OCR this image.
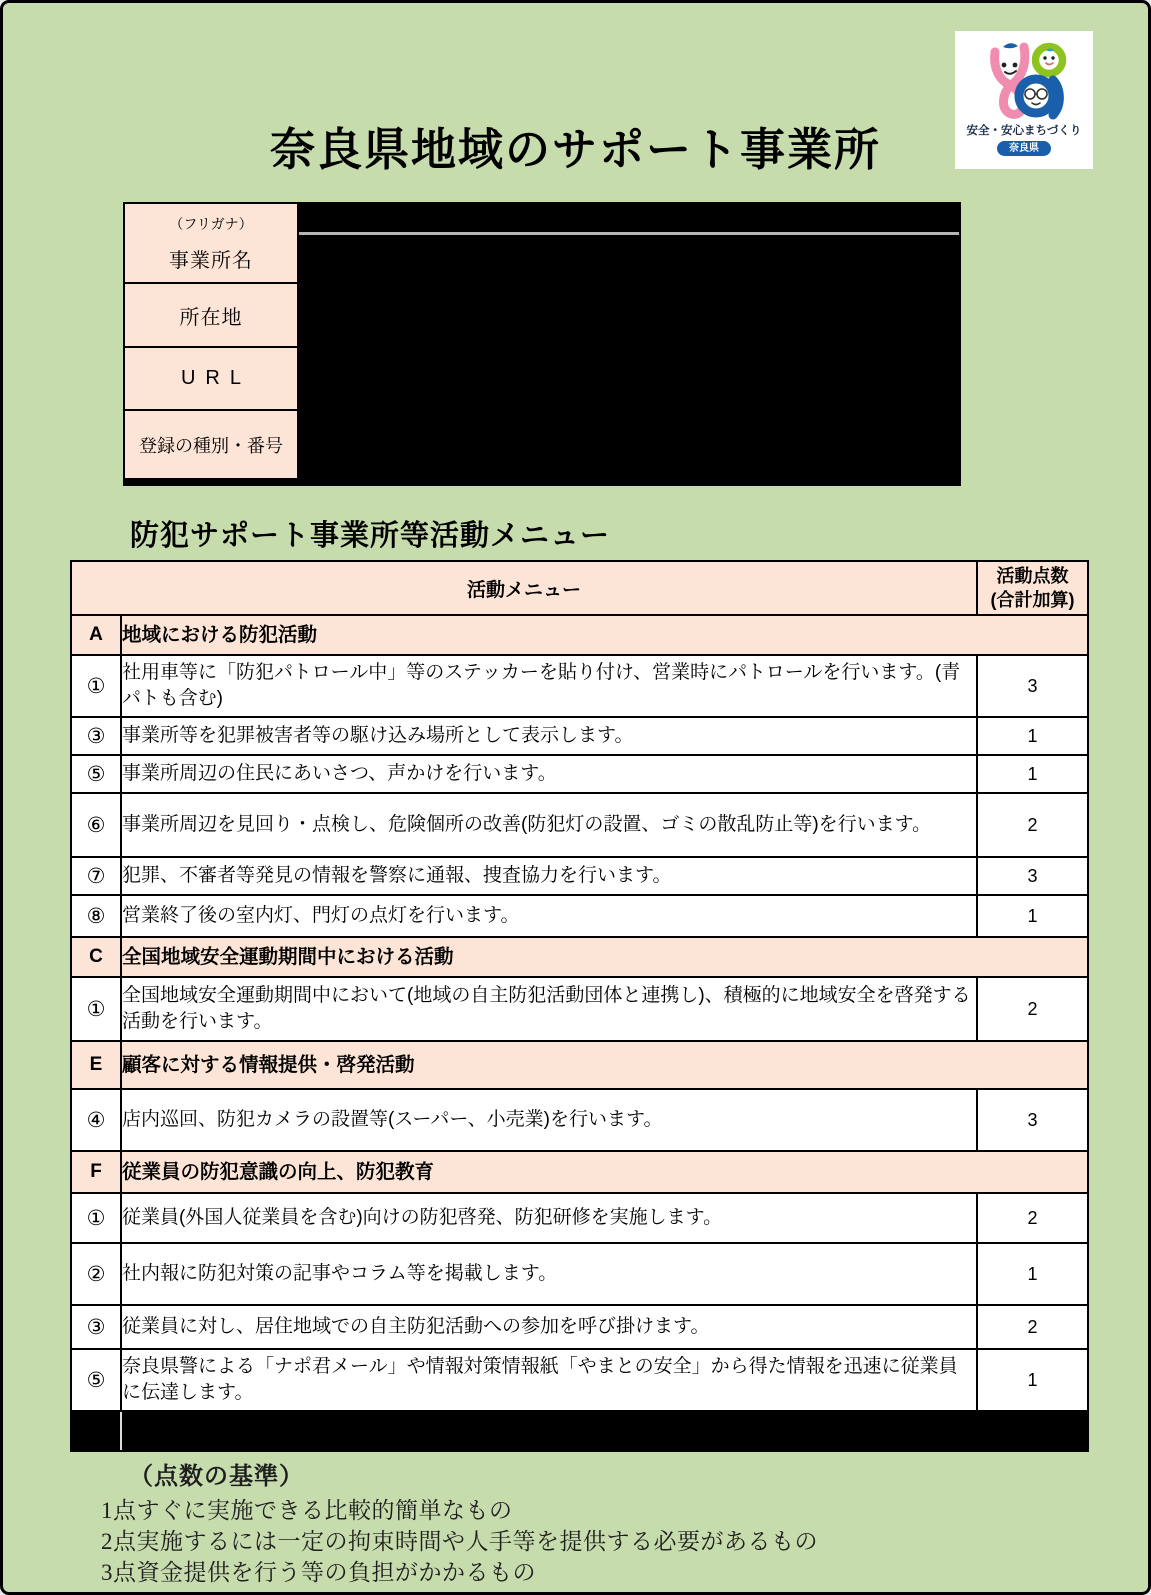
安全・安心まちづくり
奈良県
奈良県地域のサポート事業所
（フリガナ）
事業所名
所在地
URL
登録の種別・番号
防犯サポート事業所等活動メニュー
活動メニュー		活動点数
(合計加算)

A	地域における防犯活動	
①	社用車等に「防犯パトロール中」等のステッカーを貼り付け、営業時にパトロールを行います。(青パトも含む)	3
③	事業所等を犯罪被害者等の駆け込み場所として表示します。	1
⑤	事業所周辺の住民にあいさつ、声かけを行います。	1
⑥	事業所周辺を見回り・点検し、危険個所の改善(防犯灯の設置、ゴミの散乱防止等)を行います。	2
⑦	犯罪、不審者等発見の情報を警察に通報、捜査協力を行います。	3
⑧	営業終了後の室内灯、門灯の点灯を行います。	1
C	全国地域安全運動期間中における活動	
①	全国地域安全運動期間中において(地域の自主防犯活動団体と連携し)、積極的に地域安全を啓発する活動を行います。	2
E	顧客に対する情報提供・啓発活動	
④	店内巡回、防犯カメラの設置等(スーパー、小売業)を行います。	3
F	従業員の防犯意識の向上、防犯教育	
①	従業員(外国人従業員を含む)向けの防犯啓発、防犯研修を実施します。	2
②	社内報に防犯対策の記事やコラム等を掲載します。	1
③	従業員に対し、居住地域での自主防犯活動への参加を呼び掛けます。	2
⑤	奈良県警による「ナポ君メール」や情報対策情報紙「やまとの安全」から得た情報を迅速に従業員に伝達します。	1

（点数の基準）
1点すぐに実施できる比較的簡単なもの
2点実施するには一定の拘束時間や人手等を提供する必要があるもの
3点資金提供を行う等の負担がかかるもの
